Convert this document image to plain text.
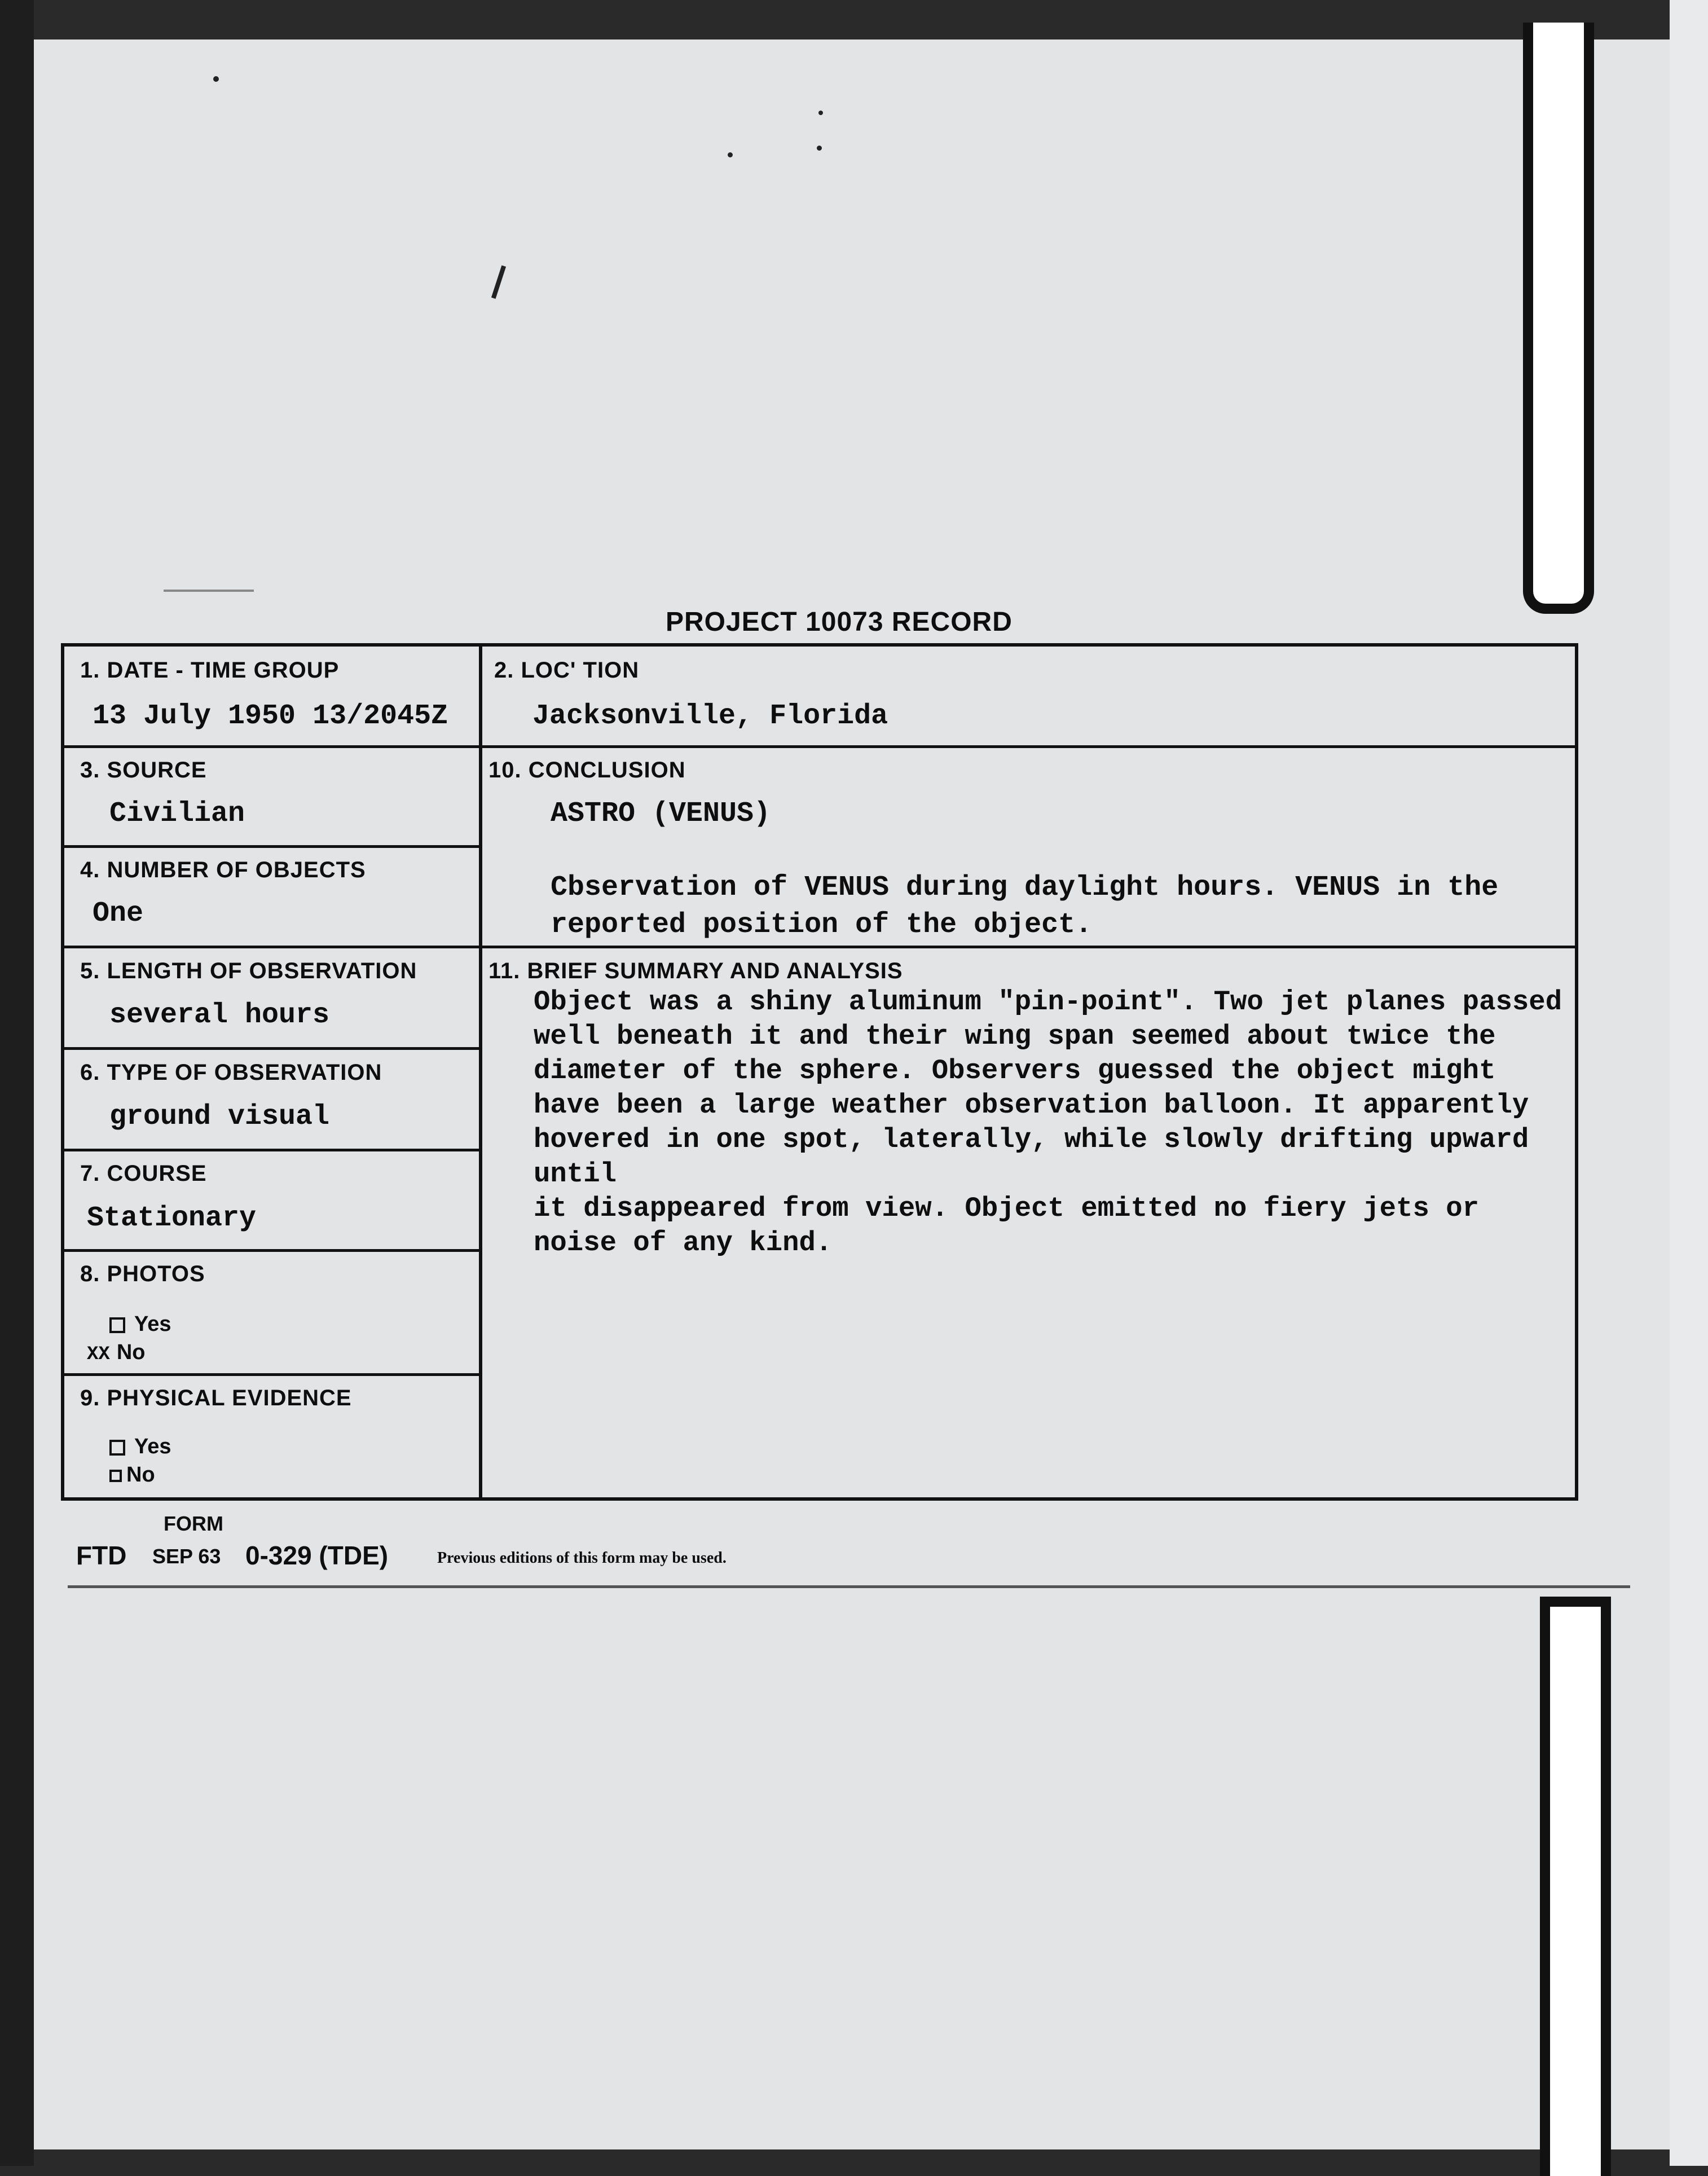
PROJECT 10073 RECORD
1. DATE - TIME GROUP
13 July 1950 13/2045Z
2. LOC' TION
Jacksonville, Florida
3. SOURCE
Civilian
10. CONCLUSION
ASTRO (VENUS)
Cbservation of VENUS during daylight hours. VENUS in the reported position of the object.
4. NUMBER OF OBJECTS
One
5. LENGTH OF OBSERVATION
several hours
11. BRIEF SUMMARY AND ANALYSIS
Object was a shiny aluminum "pin-point". Two jet planes passed
well beneath it and their wing span seemed about twice the
diameter of the sphere. Observers guessed the object might
have been a large weather observation balloon. It apparently
hovered in one spot, laterally, while slowly drifting upward until
it disappeared from view. Object emitted no fiery jets or
noise of any kind.
6. TYPE OF OBSERVATION
ground visual
7. COURSE
Stationary
8. PHOTOS
Yes
XX No
9. PHYSICAL EVIDENCE
Yes
No
FORM
FTD SEP 63 0-329 (TDE)	Previous editions of this form may be used.
